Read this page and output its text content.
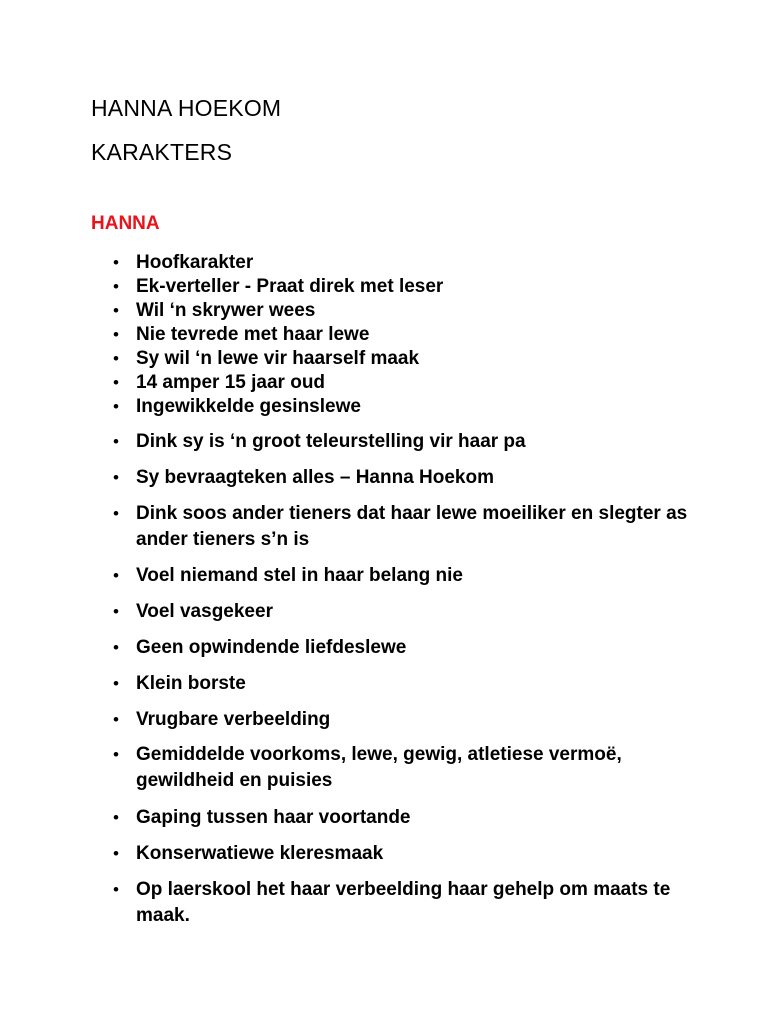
HANNA HOEKOM
KARAKTERS
HANNA
• Hoofkarakter
• Ek-verteller - Praat direk met leser
• Wil ‘n skrywer wees
• Nie tevrede met haar lewe
• Sy wil ‘n lewe vir haarself maak
• 14 amper 15 jaar oud
• Ingewikkelde gesinslewe
• Dink sy is ‘n groot teleurstelling vir haar pa
• Sy bevraagteken alles – Hanna Hoekom
• Dink soos ander tieners dat haar lewe moeiliker en slegter as ander tieners s’n is
• Voel niemand stel in haar belang nie
• Voel vasgekeer
• Geen opwindende liefdeslewe
• Klein borste
• Vrugbare verbeelding
• Gemiddelde voorkoms, lewe, gewig, atletiese vermoë, gewildheid en puisies
• Gaping tussen haar voortande
• Konserwatiewe kleresmaak
• Op laerskool het haar verbeelding haar gehelp om maats te maak.
